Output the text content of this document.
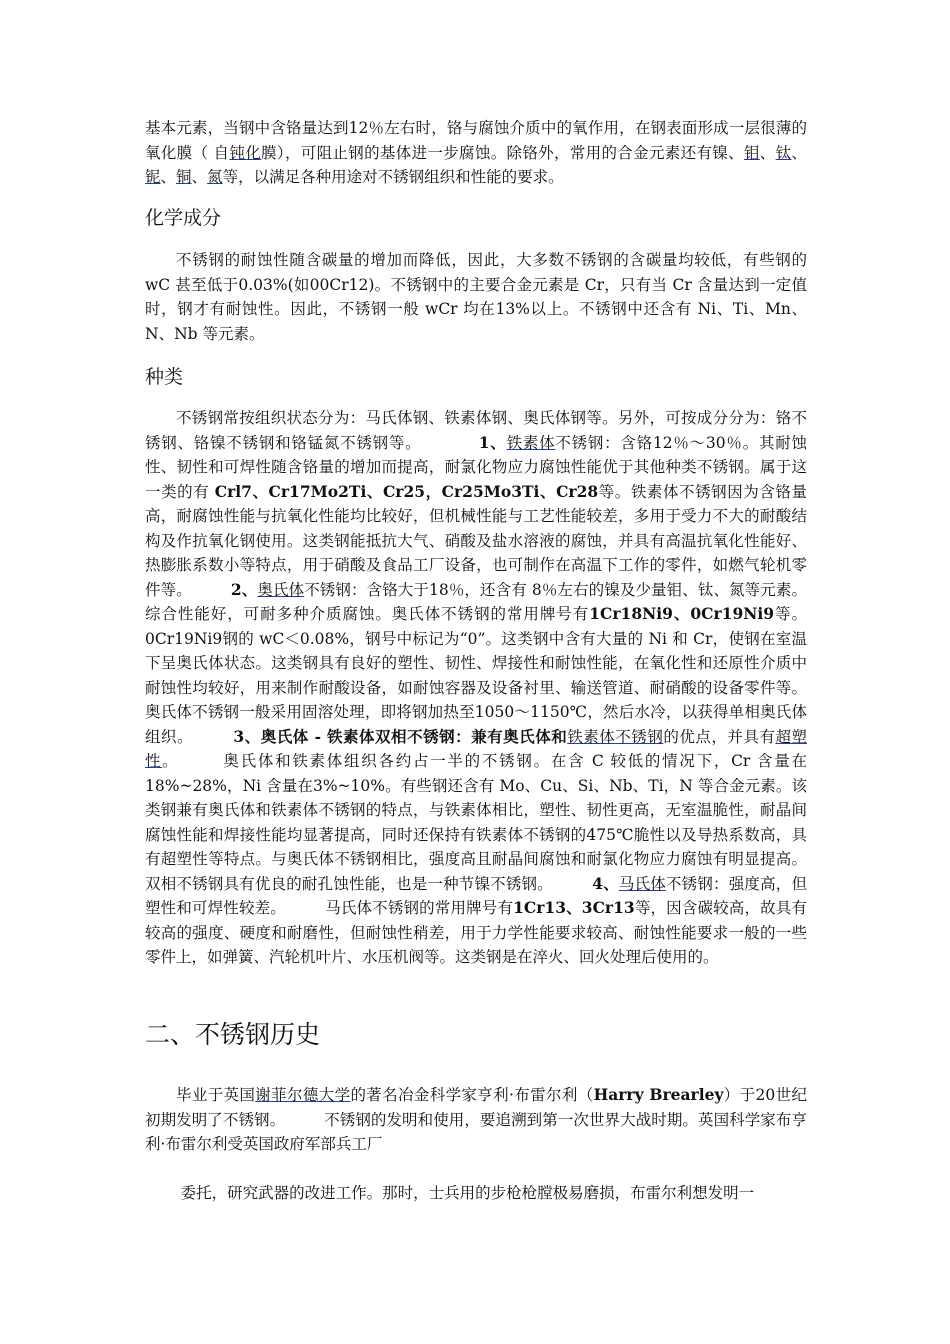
基本元素，当钢中含铬量达到12％左右时，铬与腐蚀介质中的氧作用，在钢表面形成一层很薄的氧化膜（ 自钝化膜），可阻止钢的基体进一步腐蚀。除铬外，常用的合金元素还有镍、钼、钛、铌、铜、氮等，以满足各种用途对不锈钢组织和性能的要求。

化学成分

不锈钢的耐蚀性随含碳量的增加而降低，因此，大多数不锈钢的含碳量均较低，有些钢的 wC 甚至低于0.03%(如00Cr12)。不锈钢中的主要合金元素是 Cr，只有当 Cr 含量达到一定值时，钢才有耐蚀性。因此，不锈钢一般 wCr 均在13%以上。不锈钢中还含有 Ni、Ti、Mn、N、Nb 等元素。

种类

不锈钢常按组织状态分为：马氏体钢、铁素体钢、奥氏体钢等。另外，可按成分分为：铬不锈钢、铬镍不锈钢和铬锰氮不锈钢等。　　　　	1、铁素体不锈钢：含铬12％～30％。其耐蚀性、韧性和可焊性随含铬量的增加而提高，耐氯化物应力腐蚀性能优于其他种类不锈钢。属于这一类的有 Crl7、Cr17Mo2Ti、Cr25，Cr25Mo3Ti、Cr28等。铁素体不锈钢因为含铬量高，耐腐蚀性能与抗氧化性能均比较好，但机械性能与工艺性能较差，多用于受力不大的耐酸结构及作抗氧化钢使用。这类钢能抵抗大气、硝酸及盐水溶液的腐蚀，并具有高温抗氧化性能好、热膨胀系数小等特点，用于硝酸及食品工厂设备，也可制作在高温下工作的零件，如燃气轮机零件等。　　　	2、奥氏体不锈钢：含铬大于18％，还含有 8％左右的镍及少量钼、钛、氮等元素。综合性能好，可耐多种介质腐蚀。奥氏体不锈钢的常用牌号有1Cr18Ni9、0Cr19Ni9等。0Cr19Ni9钢的 wC＜0.08%，钢号中标记为“0”。这类钢中含有大量的 Ni 和 Cr，使钢在室温下呈奥氏体状态。这类钢具有良好的塑性、韧性、焊接性和耐蚀性能，在氧化性和还原性介质中耐蚀性均较好，用来制作耐酸设备，如耐蚀容器及设备衬里、输送管道、耐硝酸的设备零件等。奥氏体不锈钢一般采用固溶处理，即将钢加热至1050～1150℃，然后水冷，以获得单相奥氏体组织。　　　	3、奥氏体 - 铁素体双相不锈钢：兼有奥氏体和铁素体不锈钢的优点，并具有超塑性。　　　	奥氏体和铁素体组织各约占一半的不锈钢。在含 C 较低的情况下，Cr 含量在18%~28%，Ni 含量在3%~10%。有些钢还含有 Mo、Cu、Si、Nb、Ti，N 等合金元素。该类钢兼有奥氏体和铁素体不锈钢的特点，与铁素体相比，塑性、韧性更高，无室温脆性，耐晶间腐蚀性能和焊接性能均显著提高，同时还保持有铁素体不锈钢的475℃脆性以及导热系数高，具有超塑性等特点。与奥氏体不锈钢相比，强度高且耐晶间腐蚀和耐氯化物应力腐蚀有明显提高。双相不锈钢具有优良的耐孔蚀性能，也是一种节镍不锈钢。　　　	4、马氏体不锈钢：强度高，但塑性和可焊性较差。　　　	马氏体不锈钢的常用牌号有1Cr13、3Cr13等，因含碳较高，故具有较高的强度、硬度和耐磨性，但耐蚀性稍差，用于力学性能要求较高、耐蚀性能要求一般的一些零件上，如弹簧、汽轮机叶片、水压机阀等。这类钢是在淬火、回火处理后使用的。

二、不锈钢历史

毕业于英国谢菲尔德大学的著名冶金科学家亨利·布雷尔利（Harry Brearley）于20世纪初期发明了不锈钢。　　　	不锈钢的发明和使用，要追溯到第一次世界大战时期。英国科学家布亨利·布雷尔利受英国政府军部兵工厂

委托，研究武器的改进工作。那时，士兵用的步枪枪膛极易磨损，布雷尔利想发明一
